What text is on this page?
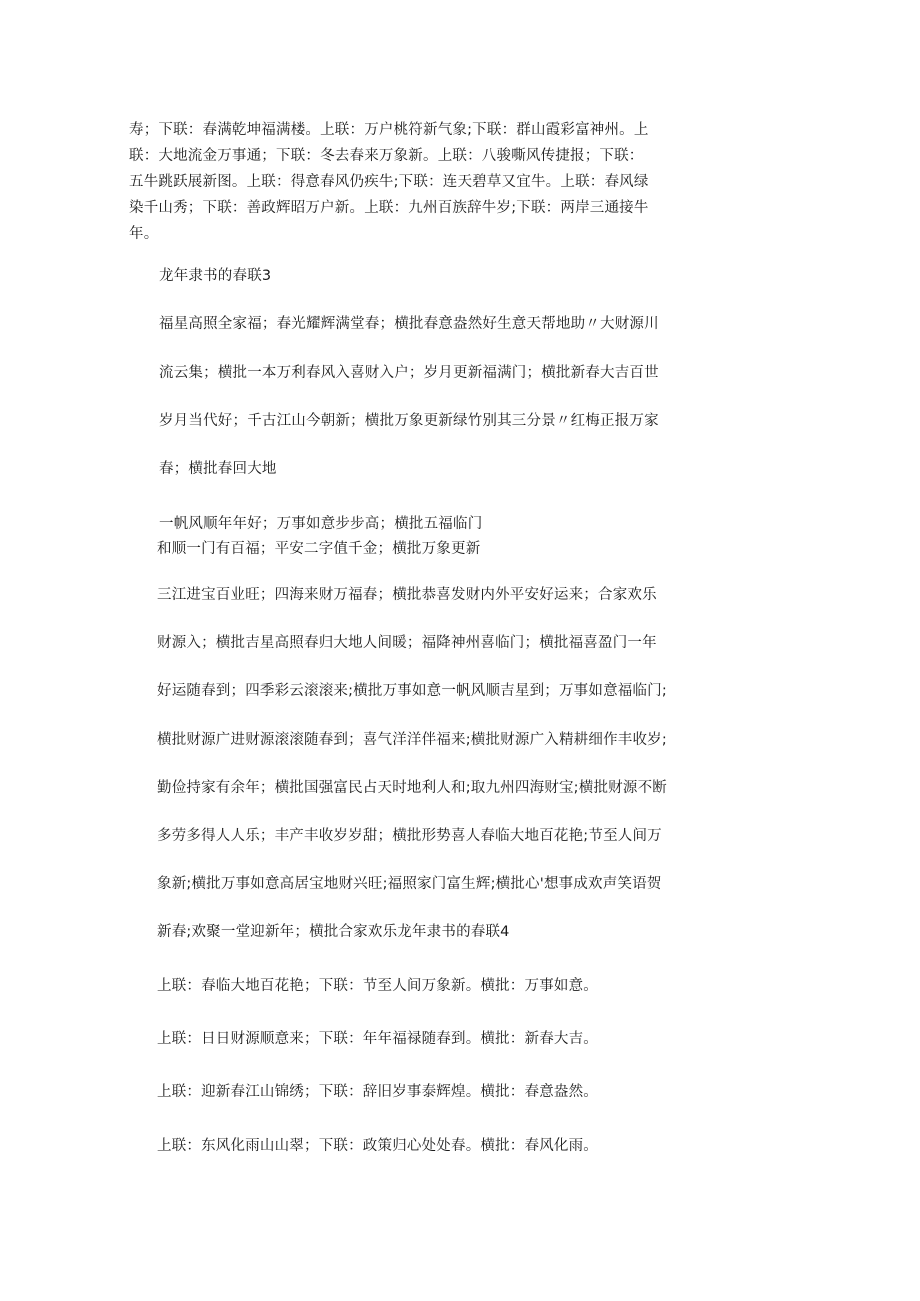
寿；下联：春满乾坤福满楼。上联：万户桃符新气象;下联：群山霞彩富神州。上

联：大地流金万事通；下联：冬去春来万象新。上联：八骏嘶风传捷报；下联：

五牛跳跃展新图。上联：得意春风仍疾牛;下联：连天碧草又宜牛。上联：春风绿

染千山秀；下联：善政辉昭万户新。上联：九州百族辞牛岁;下联：两岸三通接牛

年。

龙年隶书的春联3

福星高照全家福；春光耀辉满堂春；横批春意盎然好生意天帮地助〃大财源川

流云集；横批一本万利春风入喜财入户；岁月更新福满门；横批新春大吉百世

岁月当代好；千古江山今朝新；横批万象更新绿竹别其三分景〃红梅正报万家

春；横批春回大地

一帆风顺年年好；万事如意步步高；横批五福临门

和顺一门有百福；平安二字值千金；横批万象更新

三江进宝百业旺；四海来财万福春；横批恭喜发财内外平安好运来；合家欢乐

财源入；横批吉星高照春归大地人间暖；福降神州喜临门；横批福喜盈门一年

好运随春到；四季彩云滚滚来;横批万事如意一帆风顺吉星到；万事如意福临门;

横批财源广进财源滚滚随春到；喜气洋洋伴福来;横批财源广入精耕细作丰收岁;

勤俭持家有余年；横批国强富民占天时地利人和;取九州四海财宝;横批财源不断

多劳多得人人乐；丰产丰收岁岁甜；横批形势喜人春临大地百花艳;节至人间万

象新;横批万事如意高居宝地财兴旺;福照家门富生辉;横批心'想事成欢声笑语贺

新春;欢聚一堂迎新年；横批合家欢乐龙年隶书的春联4

上联：春临大地百花艳；下联：节至人间万象新。横批：万事如意。

上联：日日财源顺意来；下联：年年福禄随春到。横批：新春大吉。

上联：迎新春江山锦绣；下联：辞旧岁事泰辉煌。横批：春意盎然。

上联：东风化雨山山翠；下联：政策归心处处春。横批：春风化雨。
